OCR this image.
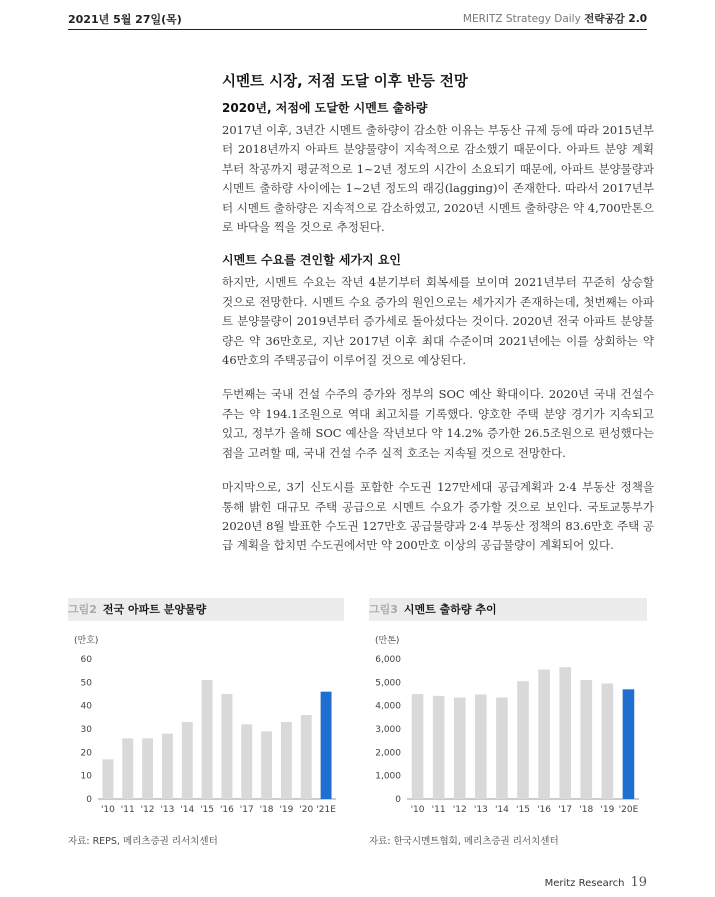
2021년 5월 27일(목)	MERITZ Strategy Daily 전략공감 2.0

시멘트 시장, 저점 도달 이후 반등 전망

2020년, 저점에 도달한 시멘트 출하량

2017년 이후, 3년간 시멘트 출하량이 감소한 이유는 부동산 규제 등에 따라 2015년부터 2018년까지 아파트 분양물량이 지속적으로 감소했기 때문이다. 아파트 분양 계획부터 착공까지 평균적으로 1~2년 정도의 시간이 소요되기 때문에, 아파트 분양물량과 시멘트 출하량 사이에는 1~2년 정도의 래깅(lagging)이 존재한다. 따라서 2017년부터 시멘트 출하량은 지속적으로 감소하였고, 2020년 시멘트 출하량은 약 4,700만톤으로 바닥을 찍을 것으로 추정된다.

시멘트 수요를 견인할 세가지 요인

하지만, 시멘트 수요는 작년 4분기부터 회복세를 보이며 2021년부터 꾸준히 상승할 것으로 전망한다. 시멘트 수요 증가의 원인으로는 세가지가 존재하는데, 첫번째는 아파트 분양물량이 2019년부터 증가세로 돌아섰다는 것이다. 2020년 전국 아파트 분양물량은 약 36만호로, 지난 2017년 이후 최대 수준이며 2021년에는 이를 상회하는 약 46만호의 주택공급이 이루어질 것으로 예상된다.

두번째는 국내 건설 수주의 증가와 정부의 SOC 예산 확대이다. 2020년 국내 건설수주는 약 194.1조원으로 역대 최고치를 기록했다. 양호한 주택 분양 경기가 지속되고 있고, 정부가 올해 SOC 예산을 작년보다 약 14.2% 증가한 26.5조원으로 편성했다는 점을 고려할 때, 국내 건설 수주 실적 호조는 지속될 것으로 전망한다.

마지막으로, 3기 신도시를 포함한 수도권 127만세대 공급계획과 2·4 부동산 정책을 통해 밝힌 대규모 주택 공급으로 시멘트 수요가 증가할 것으로 보인다. 국토교통부가 2020년 8월 발표한 수도권 127만호 공급물량과 2·4 부동산 정책의 83.6만호 주택 공급 계획을 합치면 수도권에서만 약 200만호 이상의 공급물량이 계획되어 있다.

그림2 전국 아파트 분양물량
(만호)
0
10
20
30
40
50
60
'10 '11 '12 '13 '14 '15 '16 '17 '18 '19 '20 '21E
자료: REPS, 메리츠증권 리서치센터
그림3 시멘트 출하량 추이
(만톤)
0
1,000
2,000
3,000
4,000
5,000
6,000
'10 '11 '12 '13 '14 '15 '16 '17 '18 '19 '20E
자료: 한국시멘트협회, 메리츠증권 리서치센터
Meritz Research 19
